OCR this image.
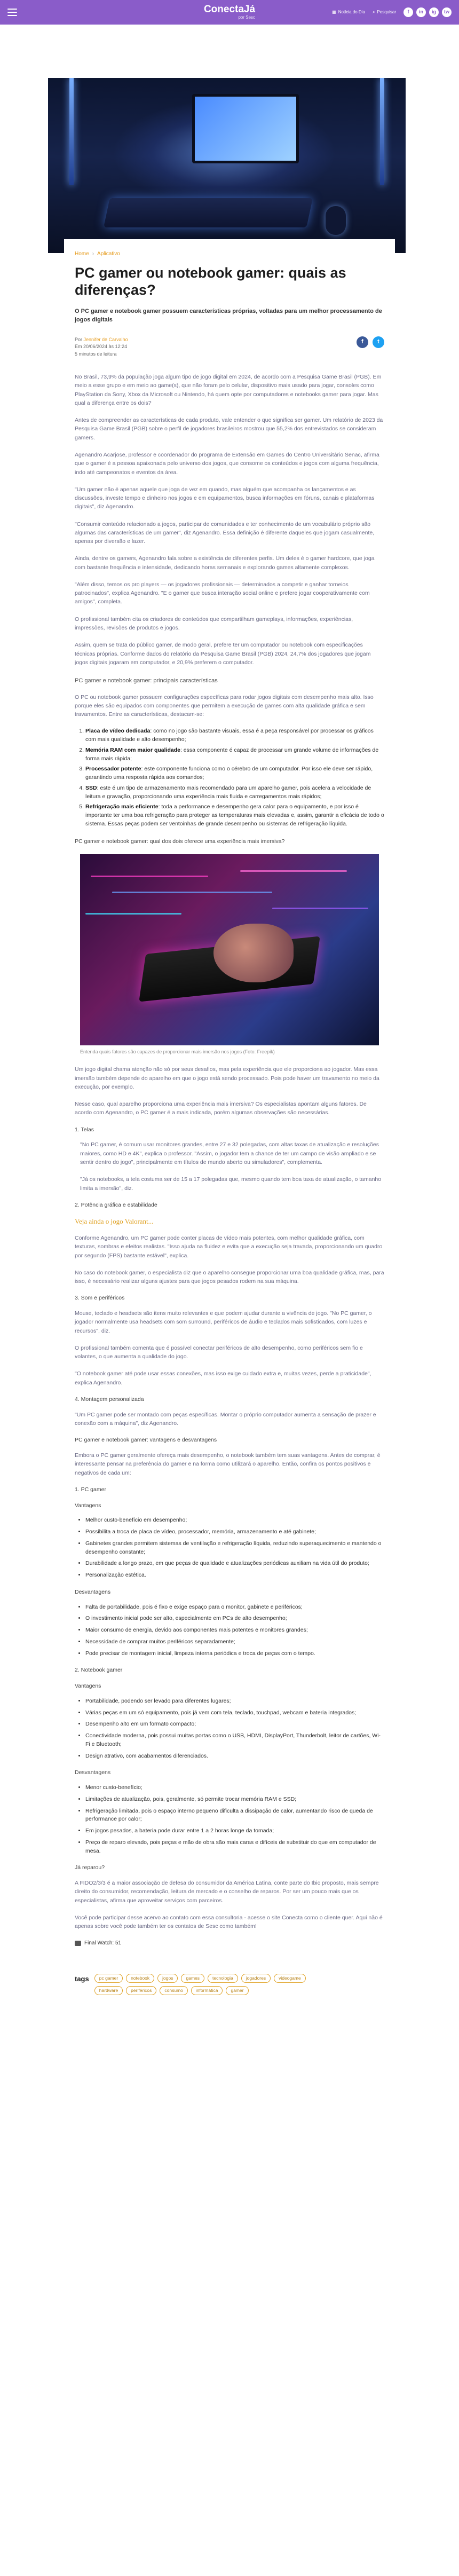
ConectaJá
por Sesc
▦ Notícia do Dia ⌕ Pesquisar	f	in	ig	tw
Home › Aplicativo
PC gamer ou notebook gamer: quais as diferenças?
O PC gamer e notebook gamer possuem características próprias, voltadas para um melhor processamento de jogos digitais
Por Jennifer de Carvalho
Em 20/06/2024 às 12:24
5 minutos de leitura
f	t

No Brasil, 73,9% da população joga algum tipo de jogo digital em 2024, de acordo com a Pesquisa Game Brasil (PGB). Em meio a esse grupo e em meio ao game(s), que não foram pelo celular, dispositivo mais usado para jogar, consoles como PlayStation da Sony, Xbox da Microsoft ou Nintendo, há quem opte por computadores e notebooks gamer para jogar. Mas qual a diferença entre os dois?

Antes de compreender as características de cada produto, vale entender o que significa ser gamer. Um relatório de 2023 da Pesquisa Game Brasil (PGB) sobre o perfil de jogadores brasileiros mostrou que 55,2% dos entrevistados se consideram gamers.

Agenandro Acarjose, professor e coordenador do programa de Extensão em Games do Centro Universitário Senac, afirma que o gamer é a pessoa apaixonada pelo universo dos jogos, que consome os conteúdos e jogos com alguma frequência, indo até campeonatos e eventos da área.

"Um gamer não é apenas aquele que joga de vez em quando, mas alguém que acompanha os lançamentos e as discussões, investe tempo e dinheiro nos jogos e em equipamentos, busca informações em fóruns, canais e plataformas digitais", diz Agenandro.

"Consumir conteúdo relacionado a jogos, participar de comunidades e ter conhecimento de um vocabulário próprio são algumas das características de um gamer", diz Agenandro. Essa definição é diferente daqueles que jogam casualmente, apenas por diversão e lazer.

Ainda, dentre os gamers, Agenandro fala sobre a existência de diferentes perfis. Um deles é o gamer hardcore, que joga com bastante frequência e intensidade, dedicando horas semanais e explorando games altamente complexos.

"Além disso, temos os pro players — os jogadores profissionais — determinados a competir e ganhar torneios patrocinados", explica Agenandro. "E o gamer que busca interação social online e prefere jogar cooperativamente com amigos", completa.

O profissional também cita os criadores de conteúdos que compartilham gameplays, informações, experiências, impressões, revisões de produtos e jogos.

Assim, quem se trata do público gamer, de modo geral, prefere ter um computador ou notebook com especificações técnicas próprias. Conforme dados do relatório da Pesquisa Game Brasil (PGB) 2024, 24,7% dos jogadores que jogam jogos digitais jogaram em computador, e 20,9% preferem o computador.

PC gamer e notebook gamer: principais características

O PC ou notebook gamer possuem configurações específicas para rodar jogos digitais com desempenho mais alto. Isso porque eles são equipados com componentes que permitem a execução de games com alta qualidade gráfica e sem travamentos. Entre as características, destacam-se:

1. Placa de vídeo dedicada: como no jogo são bastante visuais, essa é a peça responsável por processar os gráficos com mais qualidade e alto desempenho;
2. Memória RAM com maior qualidade: essa componente é capaz de processar um grande volume de informações de forma mais rápida;
3. Processador potente: este componente funciona como o cérebro de um computador. Por isso ele deve ser rápido, garantindo uma resposta rápida aos comandos;
4. SSD: este é um tipo de armazenamento mais recomendado para um aparelho gamer, pois acelera a velocidade de leitura e gravação, proporcionando uma experiência mais fluida e carregamentos mais rápidos;
5. Refrigeração mais eficiente: toda a performance e desempenho gera calor para o equipamento, e por isso é importante ter uma boa refrigeração para proteger as temperaturas mais elevadas e, assim, garantir a eficácia de todo o sistema. Essas peças podem ser ventoinhas de grande desempenho ou sistemas de refrigeração líquida.

PC gamer e notebook gamer: qual dos dois oferece uma experiência mais imersiva?

Entenda quais fatores são capazes de proporcionar mais imersão nos jogos (Foto: Freepik)

Um jogo digital chama atenção não só por seus desafios, mas pela experiência que ele proporciona ao jogador. Mas essa imersão também depende do aparelho em que o jogo está sendo processado. Pois pode haver um travamento no meio da execução, por exemplo.

Nesse caso, qual aparelho proporciona uma experiência mais imersiva? Os especialistas apontam alguns fatores. De acordo com Agenandro, o PC gamer é a mais indicada, porém algumas observações são necessárias.

1. Telas

"No PC gamer, é comum usar monitores grandes, entre 27 e 32 polegadas, com altas taxas de atualização e resoluções maiores, como HD e 4K", explica o professor. "Assim, o jogador tem a chance de ter um campo de visão ampliado e se sentir dentro do jogo", principalmente em títulos de mundo aberto ou simuladores", complementa.

"Já os notebooks, a tela costuma ser de 15 a 17 polegadas que, mesmo quando tem boa taxa de atualização, o tamanho limita a imersão", diz.

2. Potência gráfica e estabilidade
Veja ainda o jogo Valorant...

Conforme Agenandro, um PC gamer pode conter placas de vídeo mais potentes, com melhor qualidade gráfica, com texturas, sombras e efeitos realistas. "Isso ajuda na fluidez e evita que a execução seja travada, proporcionando um quadro por segundo (FPS) bastante estável", explica.

No caso do notebook gamer, o especialista diz que o aparelho consegue proporcionar uma boa qualidade gráfica, mas, para isso, é necessário realizar alguns ajustes para que jogos pesados rodem na sua máquina.

3. Som e periféricos

Mouse, teclado e headsets são itens muito relevantes e que podem ajudar durante a vivência de jogo. "No PC gamer, o jogador normalmente usa headsets com som surround, periféricos de áudio e teclados mais sofisticados, com luzes e recursos", diz.

O profissional também comenta que é possível conectar periféricos de alto desempenho, como periféricos sem fio e volantes, o que aumenta a qualidade do jogo.

"O notebook gamer até pode usar essas conexões, mas isso exige cuidado extra e, muitas vezes, perde a praticidade", explica Agenandro.

4. Montagem personalizada

"Um PC gamer pode ser montado com peças específicas. Montar o próprio computador aumenta a sensação de prazer e conexão com a máquina", diz Agenandro.

PC gamer e notebook gamer: vantagens e desvantagens

Embora o PC gamer geralmente ofereça mais desempenho, o notebook também tem suas vantagens. Antes de comprar, é interessante pensar na preferência do gamer e na forma como utilizará o aparelho. Então, confira os pontos positivos e negativos de cada um:

1. PC gamer
Vantagens
• Melhor custo-benefício em desempenho;
• Possibilita a troca de placa de vídeo, processador, memória, armazenamento e até gabinete;
• Gabinetes grandes permitem sistemas de ventilação e refrigeração líquida, reduzindo superaquecimento e mantendo o desempenho constante;
• Durabilidade a longo prazo, em que peças de qualidade e atualizações periódicas auxiliam na vida útil do produto;
• Personalização estética.
Desvantagens
• Falta de portabilidade, pois é fixo e exige espaço para o monitor, gabinete e periféricos;
• O investimento inicial pode ser alto, especialmente em PCs de alto desempenho;
• Maior consumo de energia, devido aos componentes mais potentes e monitores grandes;
• Necessidade de comprar muitos periféricos separadamente;
• Pode precisar de montagem inicial, limpeza interna periódica e troca de peças com o tempo.
2. Notebook gamer
Vantagens
• Portabilidade, podendo ser levado para diferentes lugares;
• Várias peças em um só equipamento, pois já vem com tela, teclado, touchpad, webcam e bateria integrados;
• Desempenho alto em um formato compacto;
• Conectividade moderna, pois possui muitas portas como o USB, HDMI, DisplayPort, Thunderbolt, leitor de cartões, Wi-Fi e Bluetooth;
• Design atrativo, com acabamentos diferenciados.
Desvantagens
• Menor custo-benefício;
• Limitações de atualização, pois, geralmente, só permite trocar memória RAM e SSD;
• Refrigeração limitada, pois o espaço interno pequeno dificulta a dissipação de calor, aumentando risco de queda de performance por calor;
• Em jogos pesados, a bateria pode durar entre 1 a 2 horas longe da tomada;
• Preço de reparo elevado, pois peças e mão de obra são mais caras e difíceis de substituir do que em computador de mesa.
Já reparou?

A FIDO2/3/3 é a maior associação de defesa do consumidor da América Latina, conte parte do Ibic proposto, mais sempre direito do consumidor, recomendação, leitura de mercado e o conselho de reparos. Por ser um pouco mais que os especialistas, afirma que aproveitar serviços com parceiros.

Você pode participar desse acervo ao contato com essa consultoria - acesse o site Conecta como o cliente quer. Aqui não é apenas sobre você pode também ter os contatos de Sesc como também!

Final Watch: 51
tags	pc gamer	notebook	jogos	games	tecnologia	jogadores	videogame
hardware	periféricos	consumo	informática	gamer
